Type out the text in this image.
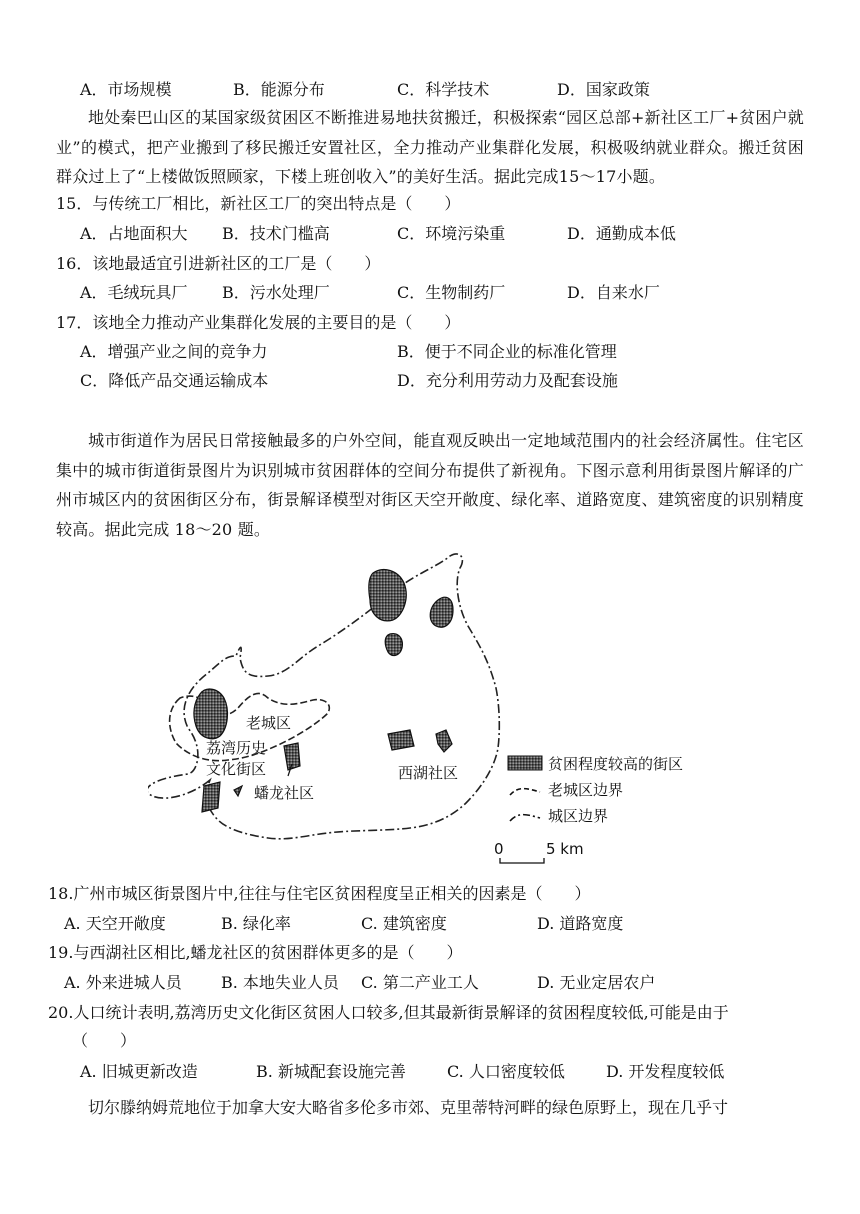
A．市场规模	B．能源分布	C．科学技术	D．国家政策
地处秦巴山区的某国家级贫困区不断推进易地扶贫搬迁，积极探索“园区总部+新社区工厂+贫困户就业”的模式，把产业搬到了移民搬迁安置社区，全力推动产业集群化发展，积极吸纳就业群众。搬迁贫困群众过上了“上楼做饭照顾家，下楼上班创收入”的美好生活。据此完成15～17小题。
15．与传统工厂相比，新社区工厂的突出特点是（　　）
A．占地面积大 B．技术门槛高	C．环境污染重	D．通勤成本低
16．该地最适宜引进新社区的工厂是（　　）
A．毛绒玩具厂 B．污水处理厂	C．生物制药厂	D．自来水厂
17．该地全力推动产业集群化发展的主要目的是（　　）
A．增强产业之间的竞争力	B．便于不同企业的标准化管理
C．降低产品交通运输成本	D．充分利用劳动力及配套设施
城市街道作为居民日常接触最多的户外空间，能直观反映出一定地域范围内的社会经济属性。住宅区集中的城市街道街景图片为识别城市贫困群体的空间分布提供了新视角。下图示意利用街景图片解译的广州市城区内的贫困街区分布，街景解译模型对街区天空开敞度、绿化率、道路宽度、建筑密度的识别精度较高。据此完成 18～20 题。
老城区
荔湾历史
文化街区
蟠龙社区
西湖社区	贫困程度较高的街区
老城区边界
城区边界
0	5 km
18.广州市城区街景图片中,往往与住宅区贫困程度呈正相关的因素是（　　）
A. 天空开敞度	B. 绿化率	C. 建筑密度	D. 道路宽度
19.与西湖社区相比,蟠龙社区的贫困群体更多的是（　　）
A. 外来进城人员 B. 本地失业人员 C. 第二产业工人	D. 无业定居农户
20.人口统计表明,荔湾历史文化街区贫困人口较多,但其最新街景解译的贫困程度较低,可能是由于
（　　）
A. 旧城更新改造	B. 新城配套设施完善	C. 人口密度较低	D. 开发程度较低
切尔滕纳姆荒地位于加拿大安大略省多伦多市郊、克里蒂特河畔的绿色原野上，现在几乎寸
